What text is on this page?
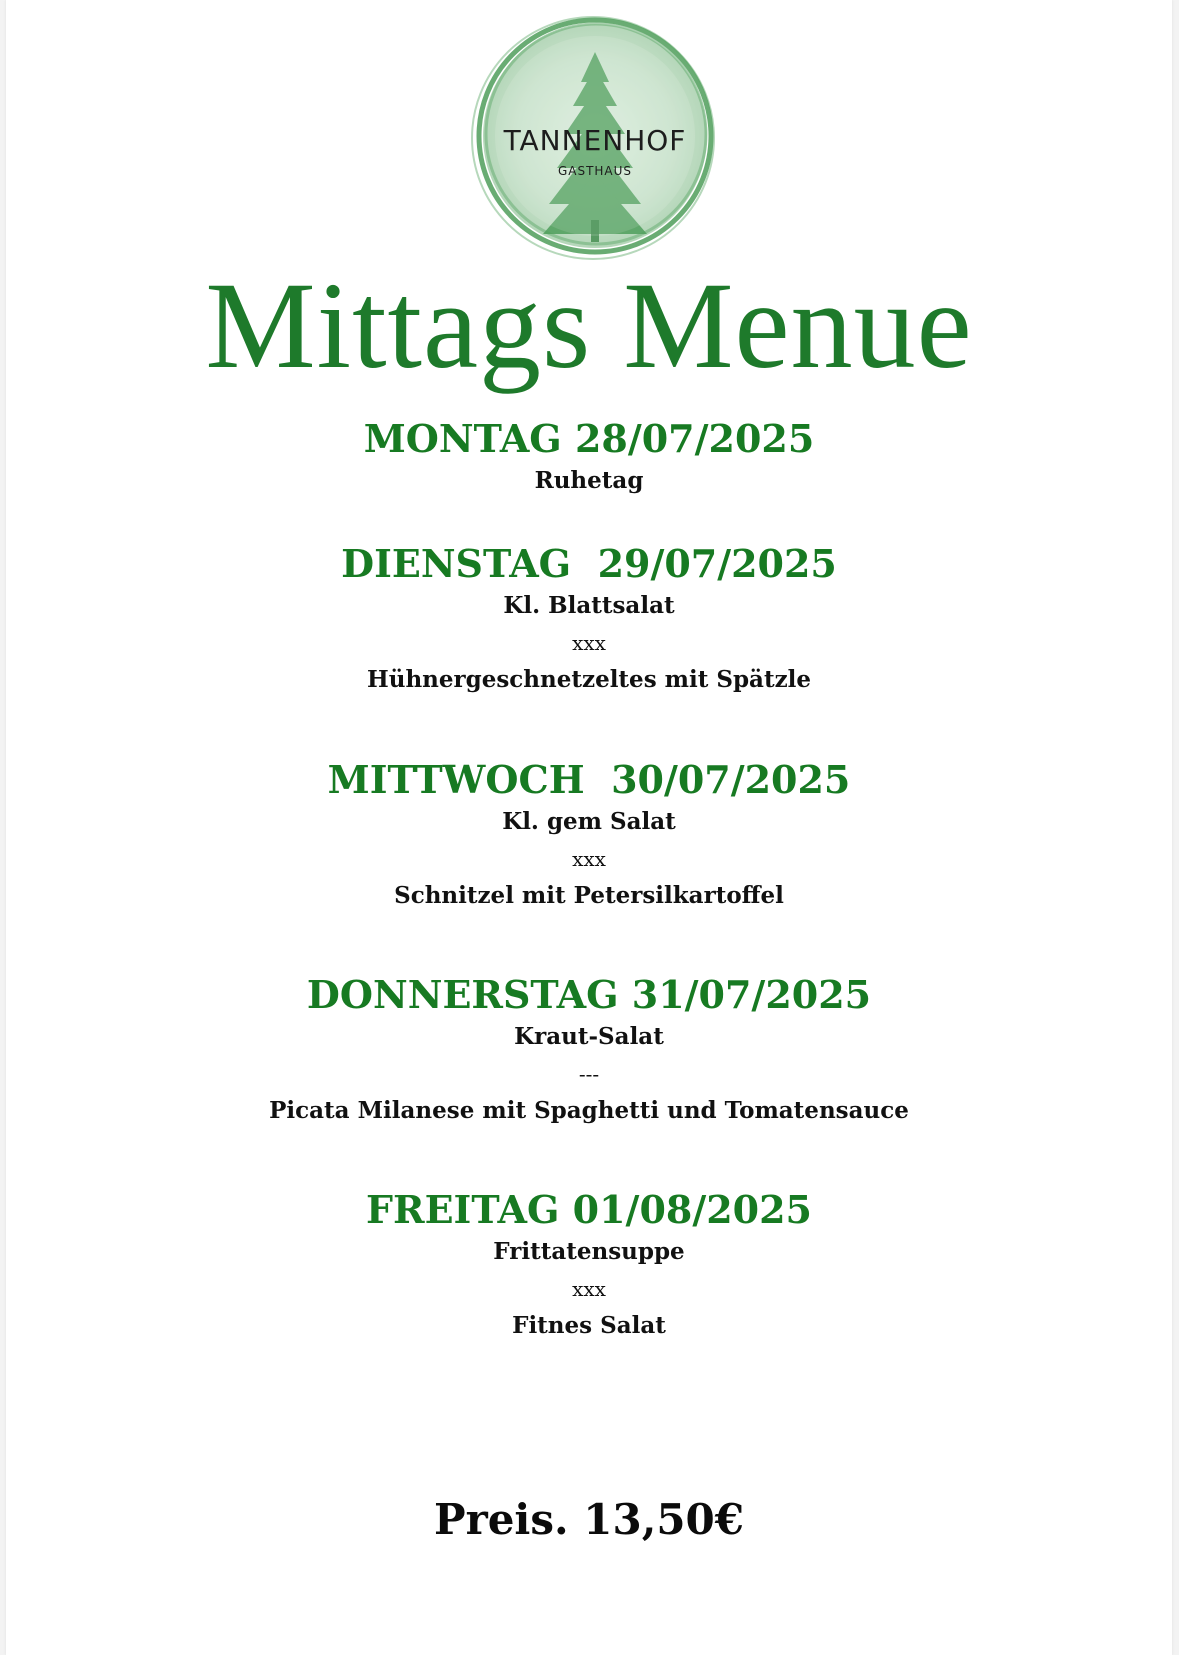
TANNENHOF
GASTHAUS
Mittags Menue
MONTAG 28/07/2025
Ruhetag
DIENSTAG  29/07/2025
Kl. Blattsalat
xxx
Hühnergeschnetzeltes mit Spätzle
MITTWOCH  30/07/2025
Kl. gem Salat
xxx
Schnitzel mit Petersilkartoffel
DONNERSTAG 31/07/2025
Kraut-Salat
---
Picata Milanese mit Spaghetti und Tomatensauce
FREITAG 01/08/2025
Frittatensuppe
xxx
Fitnes Salat
Preis. 13,50€
